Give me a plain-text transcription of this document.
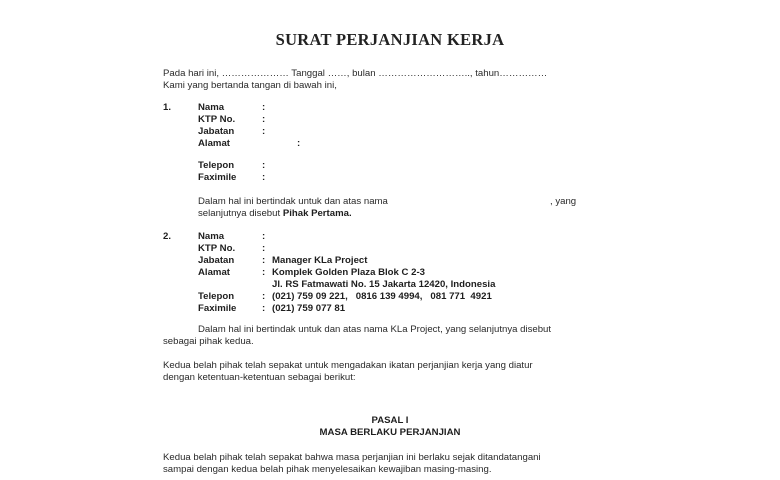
SURAT PERJANJIAN KERJA
Pada hari ini, ………………… Tanggal ……, bulan ……………………….., tahun……………
Kami yang bertanda tangan di bawah ini,
1.	Nama	:
KTP No.	:
Jabatan	:
Alamat	:
Telepon	:
Faximile	:
Dalam hal ini bertindak untuk dan atas nama	, yang
selanjutnya disebut Pihak Pertama.
2.	Nama	:
KTP No.	:
Jabatan	: Manager KLa Project
Alamat	: Komplek Golden Plaza Blok C 2-3
Jl. RS Fatmawati No. 15 Jakarta 12420, Indonesia
Telepon	: (021) 759 09 221,   0816 139 4994,   081 771  4921
Faximile	: (021) 759 077 81
Dalam hal ini bertindak untuk dan atas nama KLa Project, yang selanjutnya disebut
sebagai pihak kedua.
Kedua belah pihak telah sepakat untuk mengadakan ikatan perjanjian kerja yang diatur
dengan ketentuan-ketentuan sebagai berikut:
PASAL I
MASA BERLAKU PERJANJIAN
Kedua belah pihak telah sepakat bahwa masa perjanjian ini berlaku sejak ditandatangani
sampai dengan kedua belah pihak menyelesaikan kewajiban masing-masing.
